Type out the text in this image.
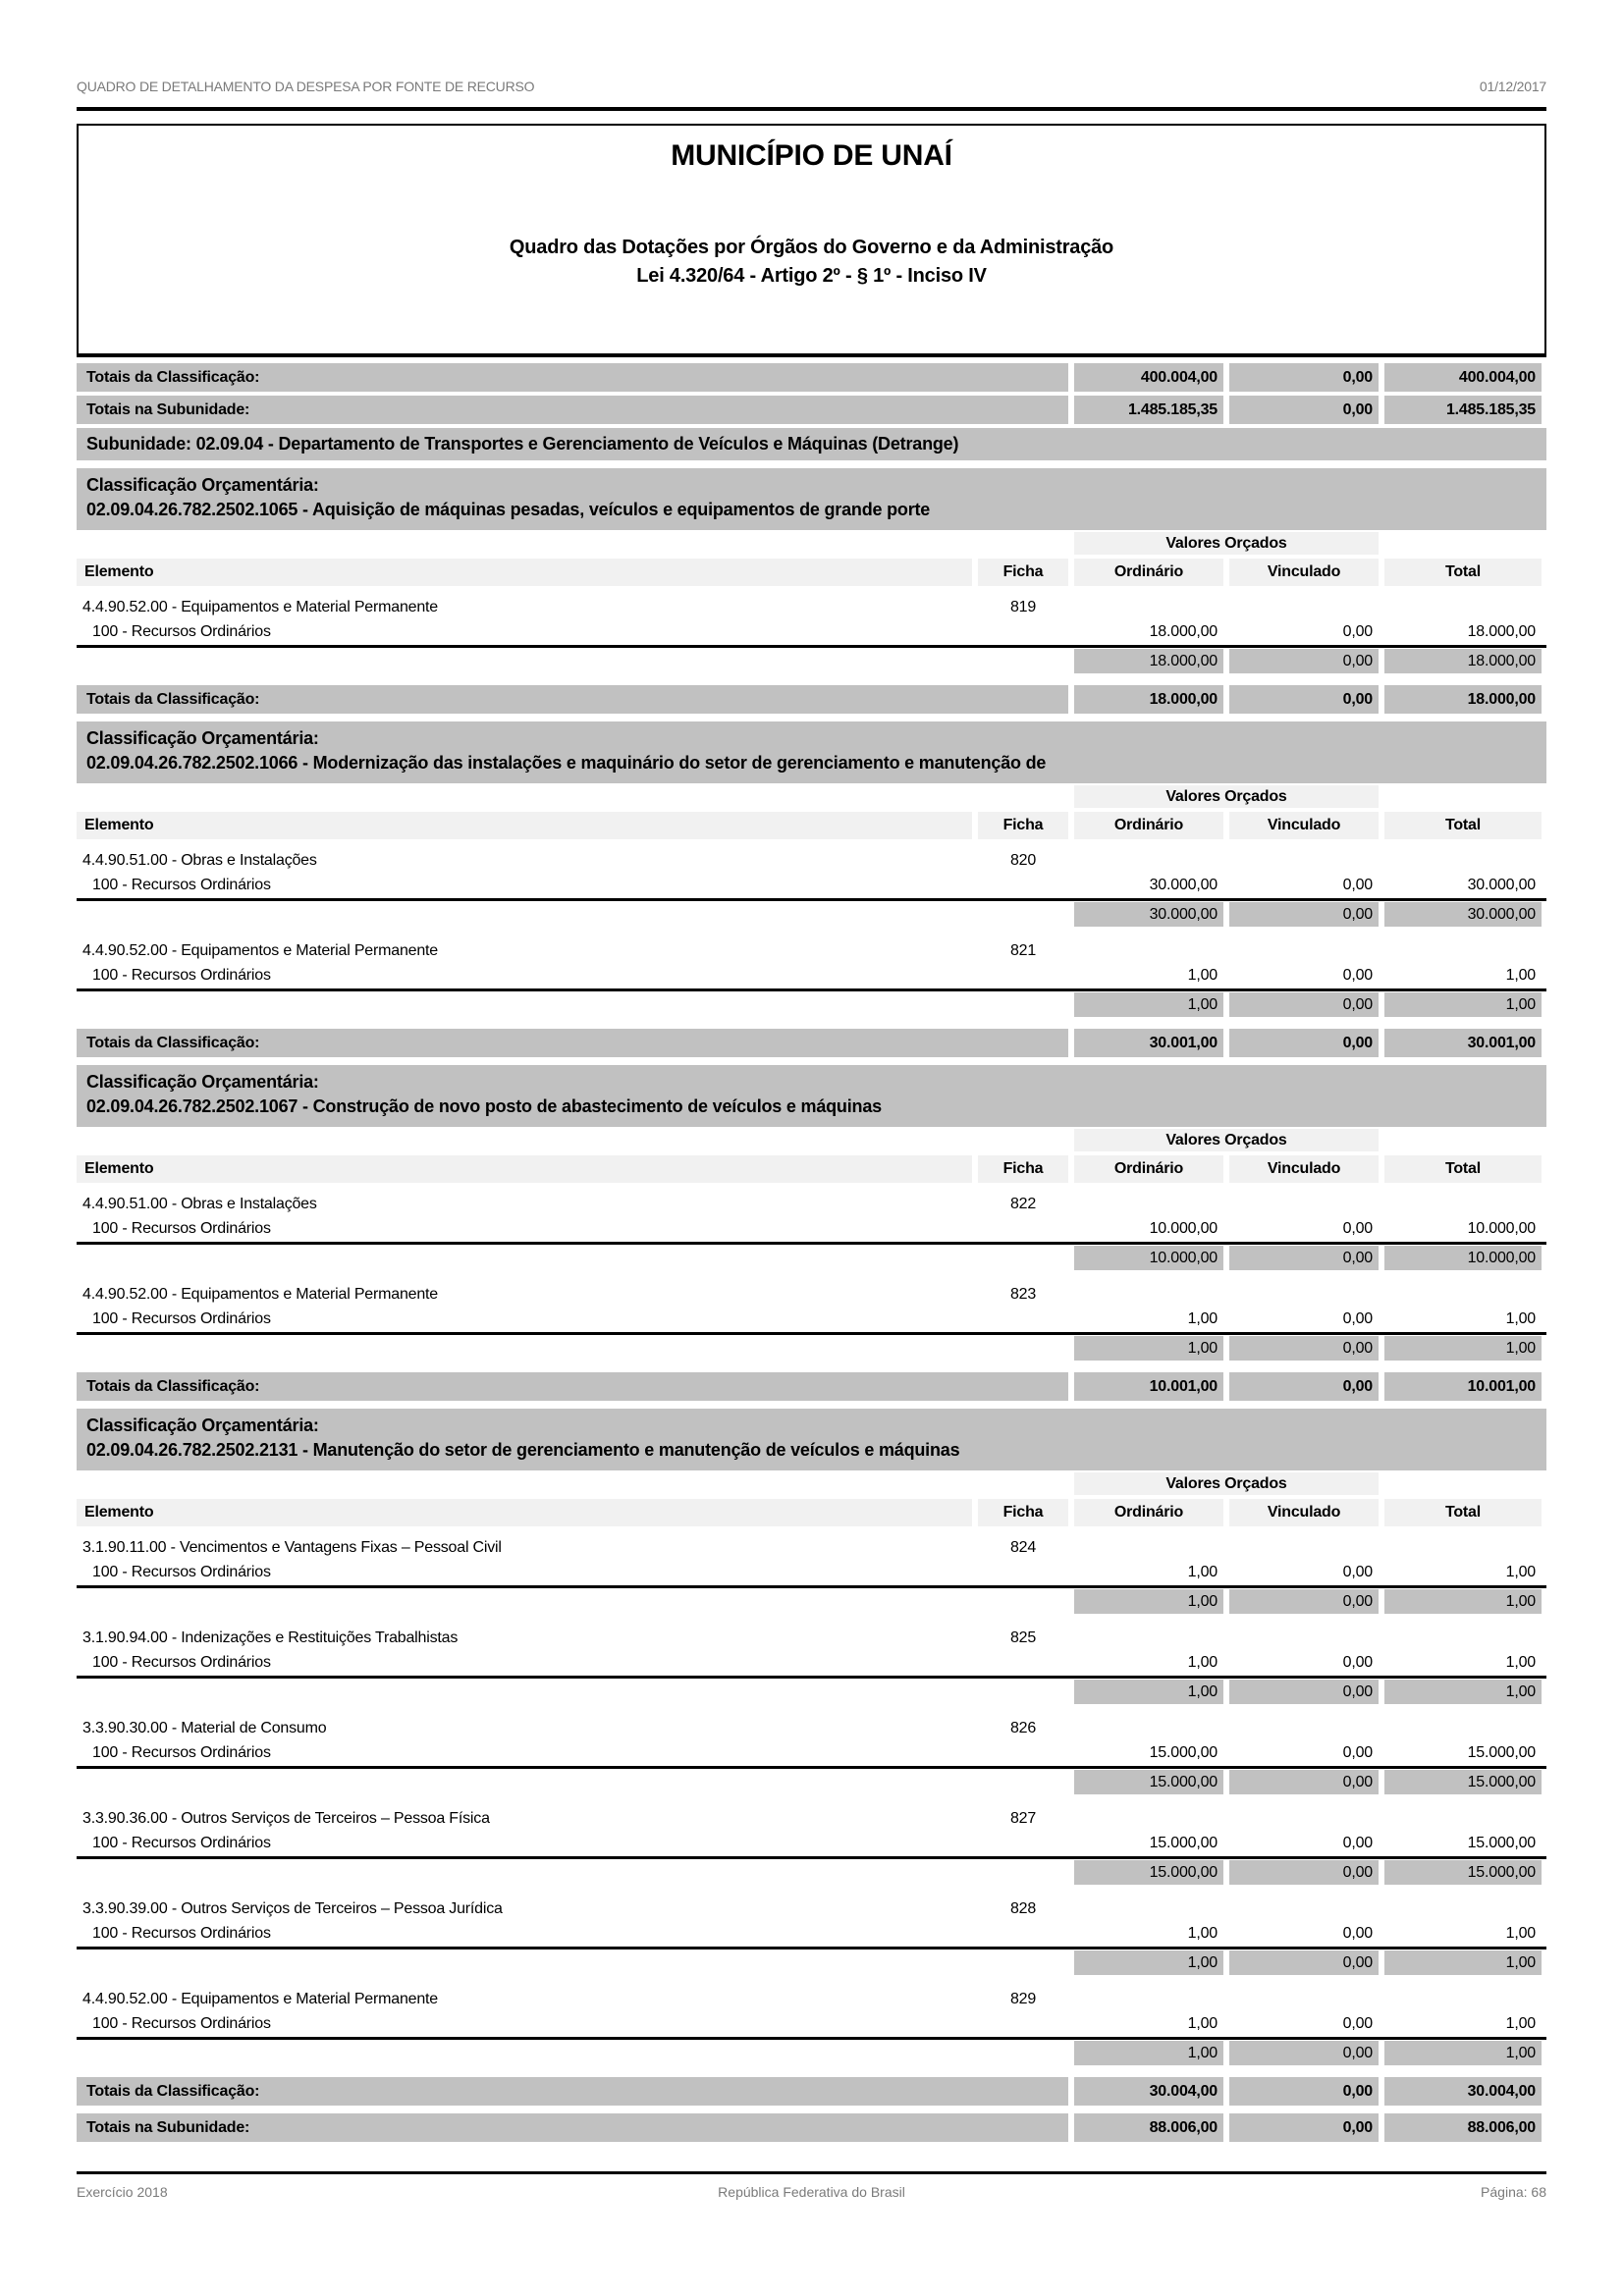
QUADRO DE DETALHAMENTO DA DESPESA POR FONTE DE RECURSO	01/12/2017
MUNICÍPIO DE UNAÍ
Quadro das Dotações por Órgãos do Governo e da Administração
Lei 4.320/64 - Artigo 2º - § 1º - Inciso IV
Totais da Classificação:	400.004,00	0,00	400.004,00
Totais na Subunidade:	1.485.185,35	0,00	1.485.185,35
Subunidade: 02.09.04 - Departamento de Transportes e Gerenciamento de Veículos e Máquinas (Detrange)
Classificação Orçamentária:
02.09.04.26.782.2502.1065 - Aquisição de máquinas pesadas, veículos e equipamentos de grande porte
Valores Orçados
Elemento	Ficha	Ordinário	Vinculado	Total
4.4.90.52.00 - Equipamentos e Material Permanente	819
100 - Recursos Ordinários	18.000,00	0,00	18.000,00
18.000,00	0,00	18.000,00
Totais da Classificação:	18.000,00	0,00	18.000,00
Classificação Orçamentária:
02.09.04.26.782.2502.1066 - Modernização das instalações e maquinário do setor de gerenciamento e manutenção de
Valores Orçados
Elemento	Ficha	Ordinário	Vinculado	Total
4.4.90.51.00 - Obras e Instalações	820
100 - Recursos Ordinários	30.000,00	0,00	30.000,00
30.000,00	0,00	30.000,00
4.4.90.52.00 - Equipamentos e Material Permanente	821
100 - Recursos Ordinários	1,00	0,00	1,00
1,00	0,00	1,00
Totais da Classificação:	30.001,00	0,00	30.001,00
Classificação Orçamentária:
02.09.04.26.782.2502.1067 - Construção de novo posto de abastecimento de veículos e máquinas
Valores Orçados
Elemento	Ficha	Ordinário	Vinculado	Total
4.4.90.51.00 - Obras e Instalações	822
100 - Recursos Ordinários	10.000,00	0,00	10.000,00
10.000,00	0,00	10.000,00
4.4.90.52.00 - Equipamentos e Material Permanente	823
100 - Recursos Ordinários	1,00	0,00	1,00
1,00	0,00	1,00
Totais da Classificação:	10.001,00	0,00	10.001,00
Classificação Orçamentária:
02.09.04.26.782.2502.2131 - Manutenção do setor de gerenciamento e manutenção de veículos e máquinas
Valores Orçados
Elemento	Ficha	Ordinário	Vinculado	Total
3.1.90.11.00 - Vencimentos e Vantagens Fixas – Pessoal Civil	824
100 - Recursos Ordinários	1,00	0,00	1,00
1,00	0,00	1,00
3.1.90.94.00 - Indenizações e Restituições Trabalhistas	825
100 - Recursos Ordinários	1,00	0,00	1,00
1,00	0,00	1,00
3.3.90.30.00 - Material de Consumo	826
100 - Recursos Ordinários	15.000,00	0,00	15.000,00
15.000,00	0,00	15.000,00
3.3.90.36.00 - Outros Serviços de Terceiros – Pessoa Física	827
100 - Recursos Ordinários	15.000,00	0,00	15.000,00
15.000,00	0,00	15.000,00
3.3.90.39.00 - Outros Serviços de Terceiros – Pessoa Jurídica	828
100 - Recursos Ordinários	1,00	0,00	1,00
1,00	0,00	1,00
4.4.90.52.00 - Equipamentos e Material Permanente	829
100 - Recursos Ordinários	1,00	0,00	1,00
1,00	0,00	1,00
Totais da Classificação:	30.004,00	0,00	30.004,00
Totais na Subunidade:	88.006,00	0,00	88.006,00
Exercício 2018	República Federativa do Brasil	Página: 68
